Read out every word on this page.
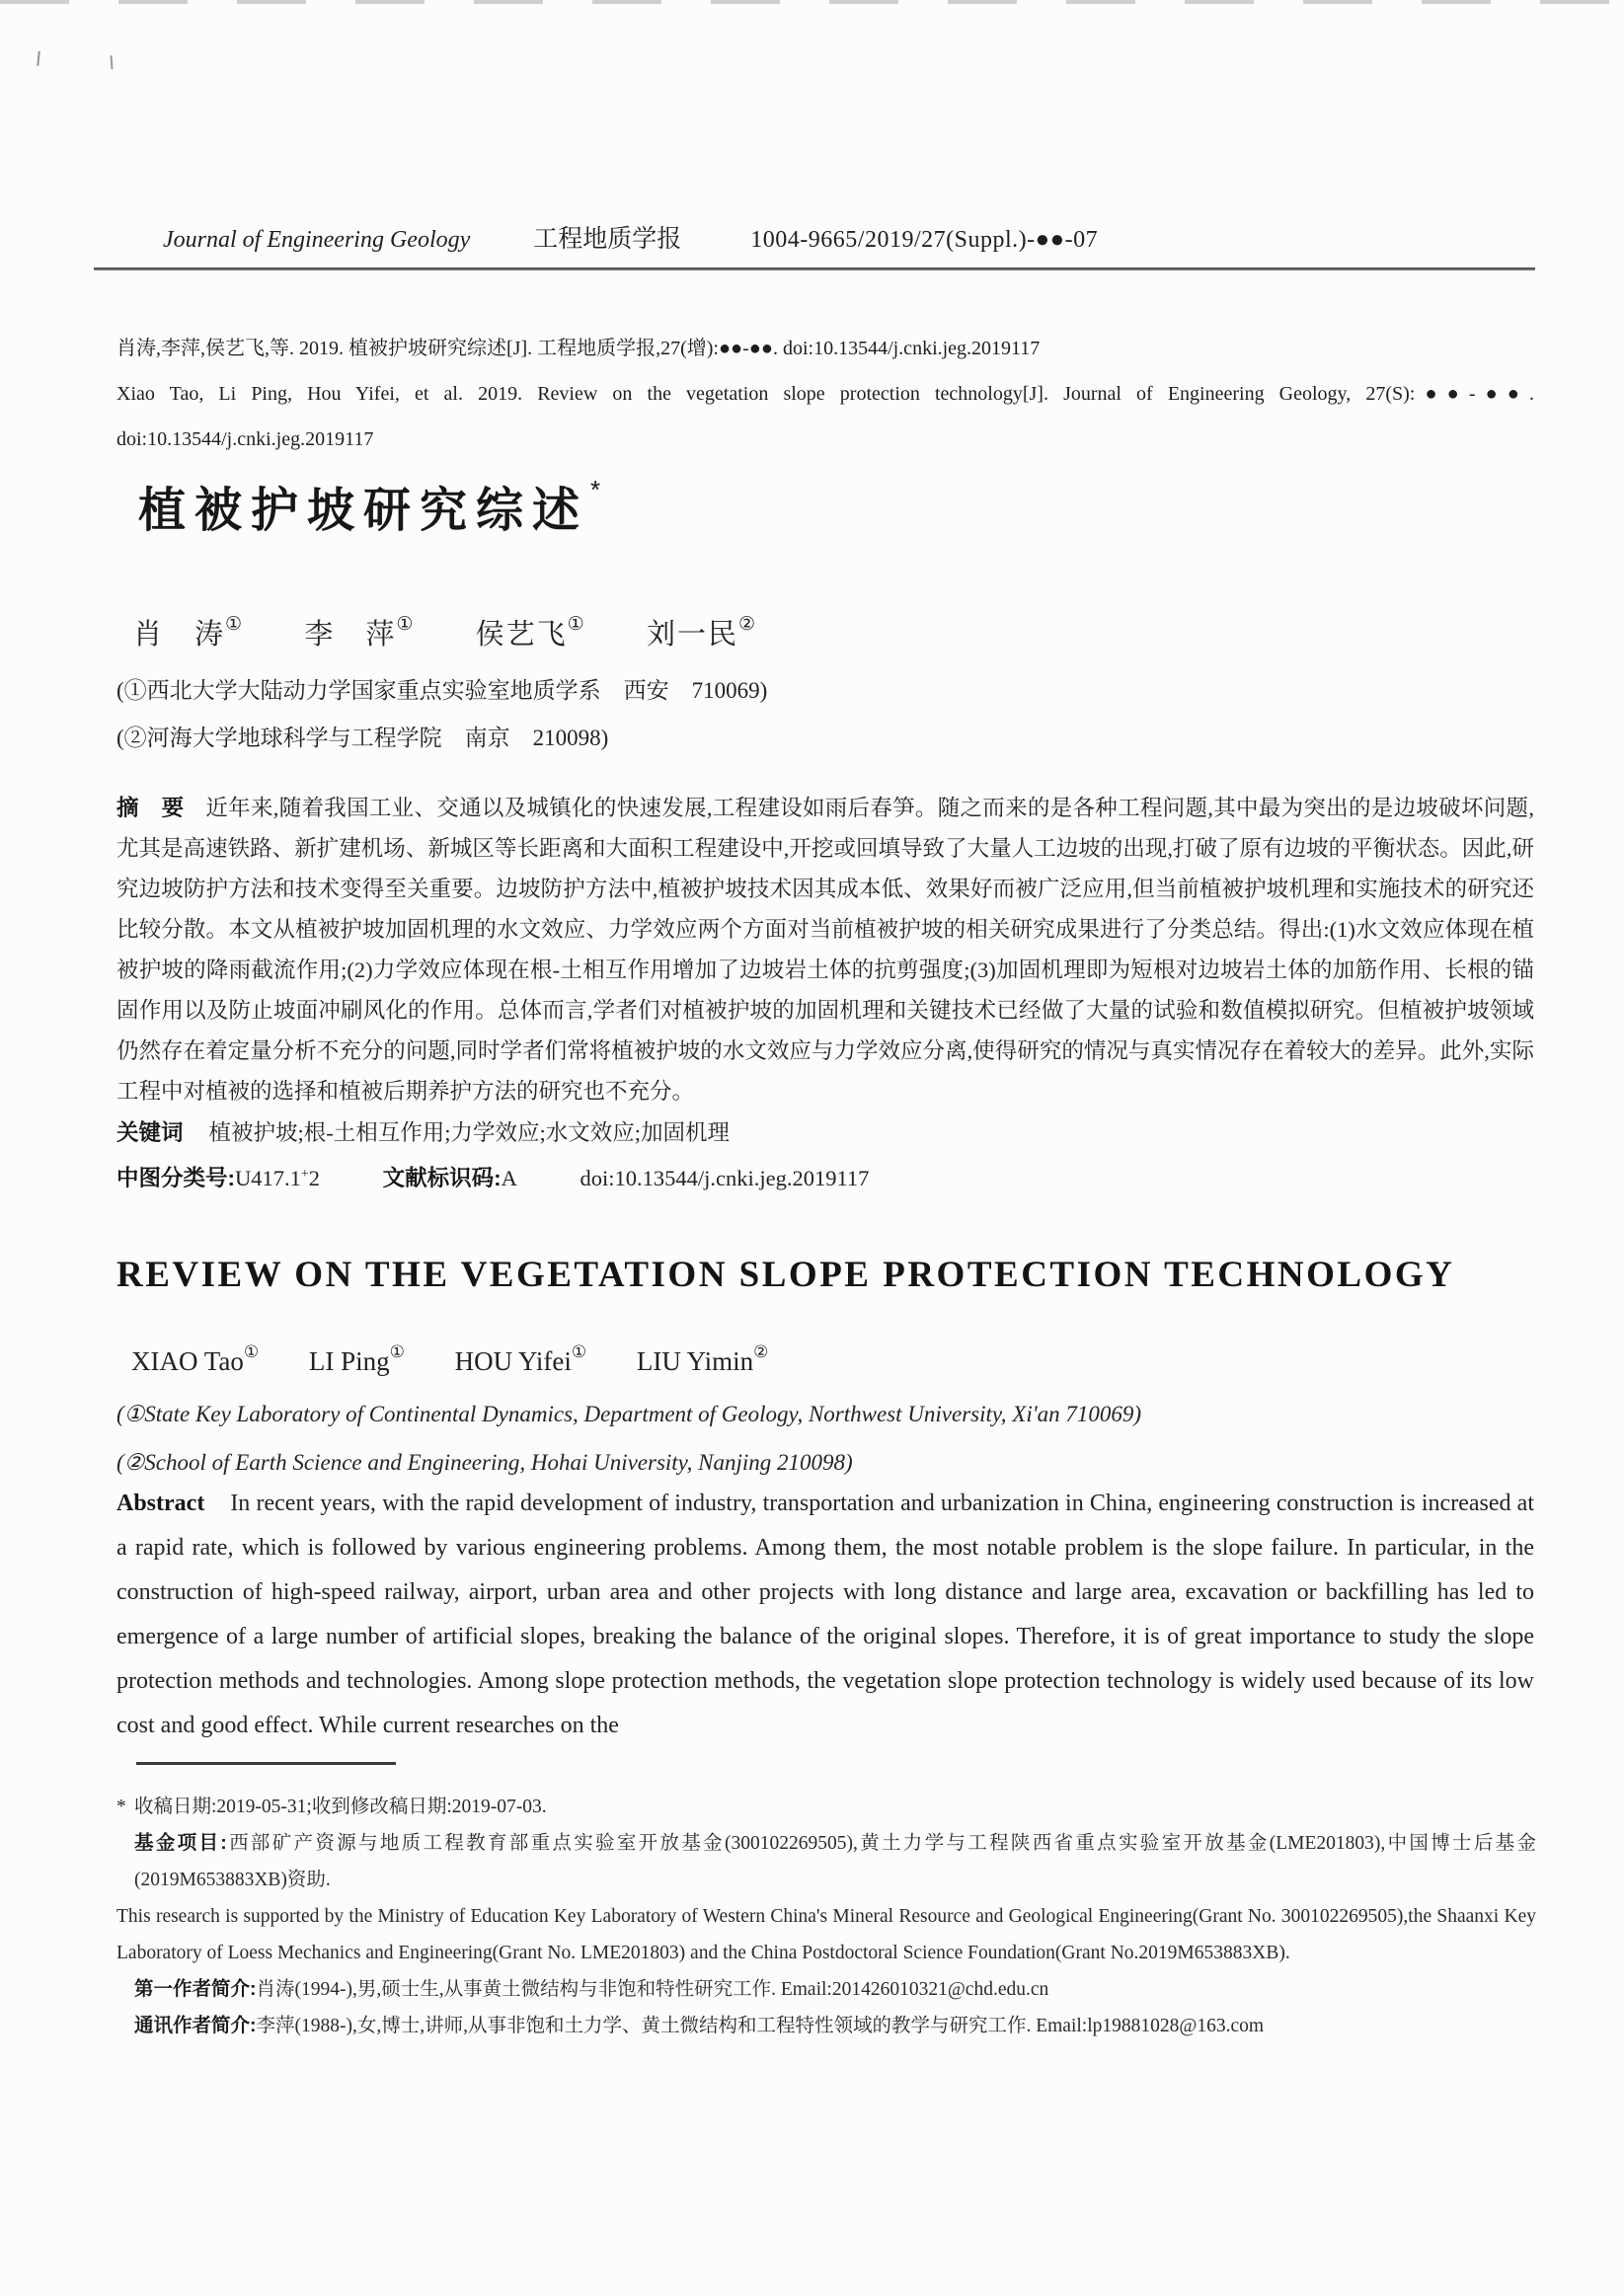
Journal of Engineering Geology	工程地质学报	1004-9665/2019/27(Suppl.)-●●-07
肖涛,李萍,侯艺飞,等. 2019. 植被护坡研究综述[J]. 工程地质学报,27(增):●●-●●. doi:10.13544/j.cnki.jeg.2019117
Xiao Tao, Li Ping, Hou Yifei, et al. 2019. Review on the vegetation slope protection technology[J]. Journal of Engineering Geology, 27(S):●●-●●. doi:10.13544/j.cnki.jeg.2019117
植被护坡研究综述*
肖　涛① 李　萍① 侯艺飞① 刘一民②
(①西北大学大陆动力学国家重点实验室地质学系　西安　710069)
(②河海大学地球科学与工程学院　南京　210098)

摘　要 近年来,随着我国工业、交通以及城镇化的快速发展,工程建设如雨后春笋。随之而来的是各种工程问题,其中最为突出的是边坡破坏问题,尤其是高速铁路、新扩建机场、新城区等长距离和大面积工程建设中,开挖或回填导致了大量人工边坡的出现,打破了原有边坡的平衡状态。因此,研究边坡防护方法和技术变得至关重要。边坡防护方法中,植被护坡技术因其成本低、效果好而被广泛应用,但当前植被护坡机理和实施技术的研究还比较分散。本文从植被护坡加固机理的水文效应、力学效应两个方面对当前植被护坡的相关研究成果进行了分类总结。得出:(1)水文效应体现在植被护坡的降雨截流作用;(2)力学效应体现在根-土相互作用增加了边坡岩土体的抗剪强度;(3)加固机理即为短根对边坡岩土体的加筋作用、长根的锚固作用以及防止坡面冲刷风化的作用。总体而言,学者们对植被护坡的加固机理和关键技术已经做了大量的试验和数值模拟研究。但植被护坡领域仍然存在着定量分析不充分的问题,同时学者们常将植被护坡的水文效应与力学效应分离,使得研究的情况与真实情况存在着较大的差异。此外,实际工程中对植被的选择和植被后期养护方法的研究也不充分。

关键词 植被护坡;根-土相互作用;力学效应;水文效应;加固机理
中图分类号:U417.1+2	文献标识码:A	doi:10.13544/j.cnki.jeg.2019117
REVIEW ON THE VEGETATION SLOPE PROTECTION TECHNOLOGY
XIAO Tao① LI Ping① HOU Yifei① LIU Yimin②
(①State Key Laboratory of Continental Dynamics, Department of Geology, Northwest University, Xi'an 710069)
(②School of Earth Science and Engineering, Hohai University, Nanjing 210098)

Abstract In recent years, with the rapid development of industry, transportation and urbanization in China, engineering construction is increased at a rapid rate, which is followed by various engineering problems. Among them, the most notable problem is the slope failure. In particular, in the construction of high-speed railway, airport, urban area and other projects with long distance and large area, excavation or backfilling has led to emergence of a large number of artificial slopes, breaking the balance of the original slopes. Therefore, it is of great importance to study the slope protection methods and technologies. Among slope protection methods, the vegetation slope protection technology is widely used because of its low cost and good effect. While current researches on the

* 收稿日期:2019-05-31;收到修改稿日期:2019-07-03.
基金项目:西部矿产资源与地质工程教育部重点实验室开放基金(300102269505),黄土力学与工程陕西省重点实验室开放基金(LME201803),中国博士后基金(2019M653883XB)资助.
This research is supported by the Ministry of Education Key Laboratory of Western China's Mineral Resource and Geological Engineering(Grant No. 300102269505),the Shaanxi Key Laboratory of Loess Mechanics and Engineering(Grant No. LME201803) and the China Postdoctoral Science Foundation(Grant No.2019M653883XB).
第一作者简介:肖涛(1994-),男,硕士生,从事黄土微结构与非饱和特性研究工作. Email:201426010321@chd.edu.cn
通讯作者简介:李萍(1988-),女,博士,讲师,从事非饱和土力学、黄土微结构和工程特性领域的教学与研究工作. Email:lp19881028@163.com
